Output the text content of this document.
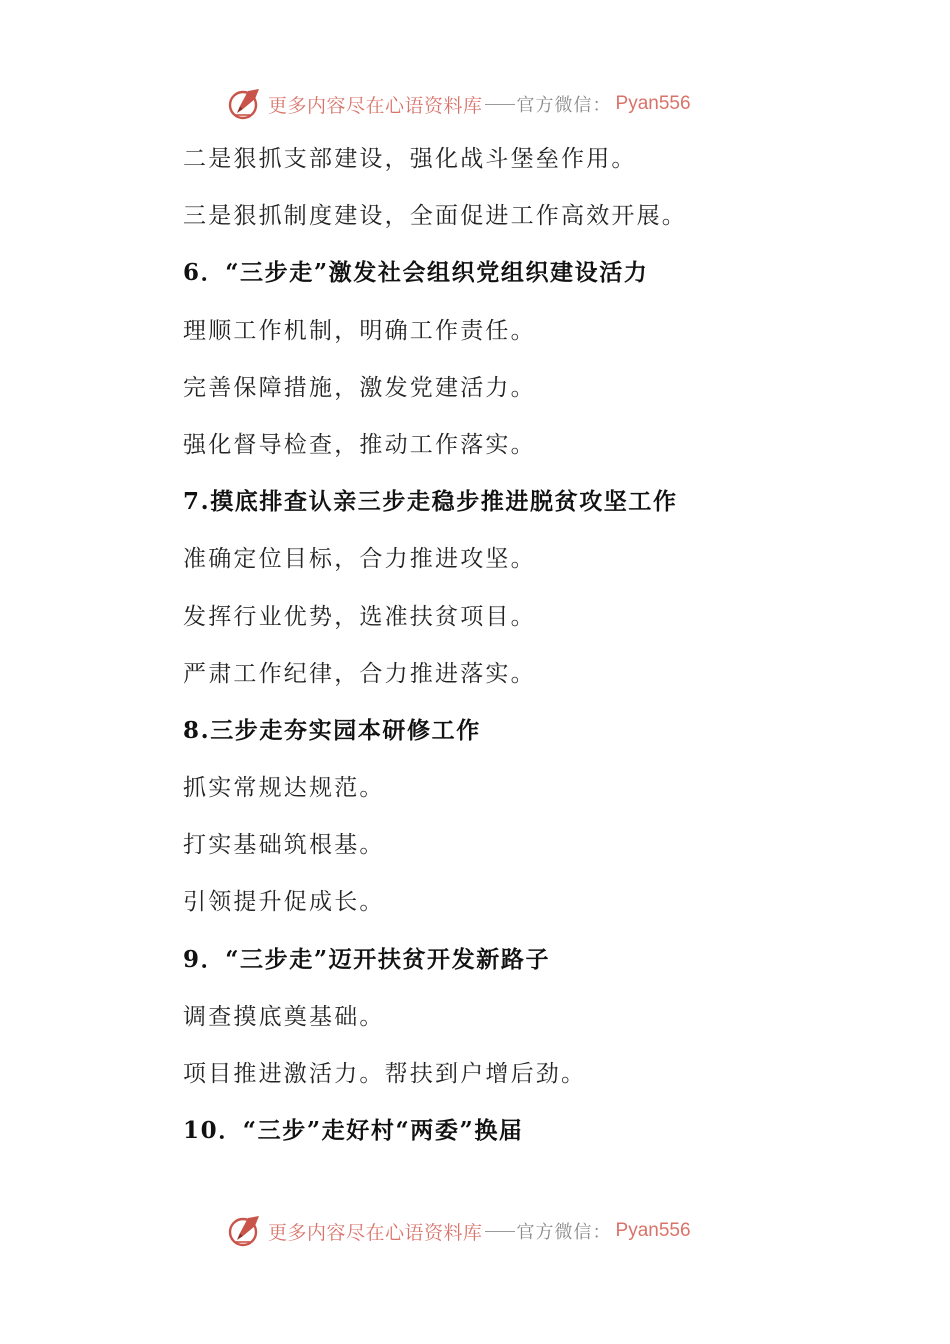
更多内容尽在心语资料库 官方微信： Pyan556
二是狠抓支部建设，强化战斗堡垒作用。
三是狠抓制度建设，全面促进工作高效开展。
6．“三步走”激发社会组织党组织建设活力
理顺工作机制，明确工作责任。
完善保障措施，激发党建活力。
强化督导检查，推动工作落实。
7.摸底排查认亲三步走稳步推进脱贫攻坚工作
准确定位目标，合力推进攻坚。
发挥行业优势，选准扶贫项目。
严肃工作纪律，合力推进落实。
8.三步走夯实园本研修工作
抓实常规达规范。
打实基础筑根基。
引领提升促成长。
9．“三步走”迈开扶贫开发新路子
调查摸底奠基础。
项目推进激活力。帮扶到户增后劲。
10．“三步”走好村“两委”换届
更多内容尽在心语资料库 官方微信： Pyan556
